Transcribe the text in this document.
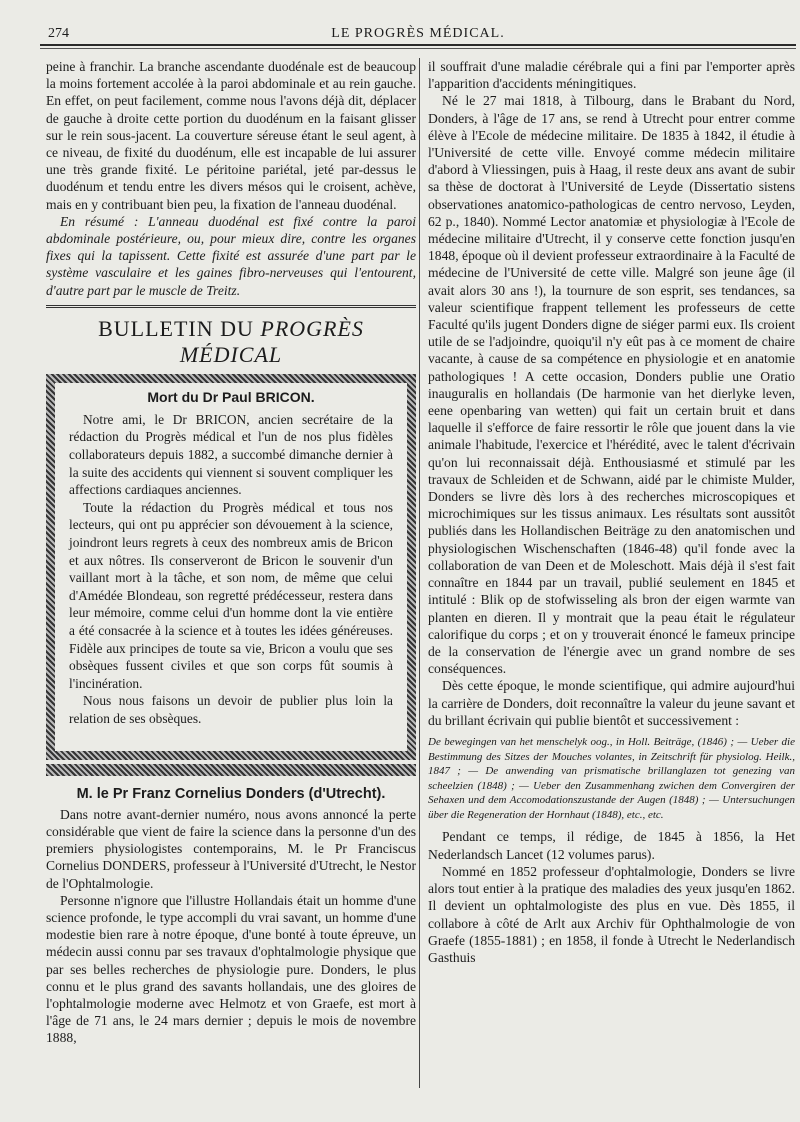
274	LE PROGRÈS MÉDICAL.

peine à franchir. La branche ascendante duodénale est de beaucoup la moins fortement accolée à la paroi abdominale et au rein gauche. En effet, on peut facilement, comme nous l'avons déjà dit, déplacer de gauche à droite cette portion du duodénum en la faisant glisser sur le rein sous-jacent. La couverture séreuse étant le seul agent, à ce niveau, de fixité du duodénum, elle est incapable de lui assurer une très grande fixité. Le péritoine pariétal, jeté par-dessus le duodénum et tendu entre les divers mésos qui le croisent, achève, mais en y contribuant bien peu, la fixation de l'anneau duodénal.

En résumé : L'anneau duodénal est fixé contre la paroi abdominale postérieure, ou, pour mieux dire, contre les organes fixes qui la tapissent. Cette fixité est assurée d'une part par le système vasculaire et les gaines fibro-nerveuses qui l'entourent, d'autre part par le muscle de Treitz.

BULLETIN DU PROGRÈS MÉDICAL
Mort du Dr Paul BRICON.

Notre ami, le Dr BRICON, ancien secrétaire de la rédaction du Progrès médical et l'un de nos plus fidèles collaborateurs depuis 1882, a succombé dimanche dernier à la suite des accidents qui viennent si souvent compliquer les affections cardiaques anciennes.

Toute la rédaction du Progrès médical et tous nos lecteurs, qui ont pu apprécier son dévouement à la science, joindront leurs regrets à ceux des nombreux amis de Bricon et aux nôtres. Ils conserveront de Bricon le souvenir d'un vaillant mort à la tâche, et son nom, de même que celui d'Amédée Blondeau, son regretté prédécesseur, restera dans leur mémoire, comme celui d'un homme dont la vie entière a été consacrée à la science et à toutes les idées généreuses. Fidèle aux principes de toute sa vie, Bricon a voulu que ses obsèques fussent civiles et que son corps fût soumis à l'incinération.

Nous nous faisons un devoir de publier plus loin la relation de ses obsèques.

M. le Pr Franz Cornelius Donders (d'Utrecht).

Dans notre avant-dernier numéro, nous avons annoncé la perte considérable que vient de faire la science dans la personne d'un des premiers physiologistes contemporains, M. le Pr Franciscus Cornelius DONDERS, professeur à l'Université d'Utrecht, le Nestor de l'Ophtalmologie.

Personne n'ignore que l'illustre Hollandais était un homme d'une science profonde, le type accompli du vrai savant, un homme d'une modestie bien rare à notre époque, d'une bonté à toute épreuve, un médecin aussi connu par ses travaux d'ophtalmologie physique que par ses belles recherches de physiologie pure. Donders, le plus connu et le plus grand des savants hollandais, une des gloires de l'ophtalmologie moderne avec Helmotz et von Graefe, est mort à l'âge de 71 ans, le 24 mars dernier ; depuis le mois de novembre 1888,

il souffrait d'une maladie cérébrale qui a fini par l'emporter après l'apparition d'accidents méningitiques.

Né le 27 mai 1818, à Tilbourg, dans le Brabant du Nord, Donders, à l'âge de 17 ans, se rend à Utrecht pour entrer comme élève à l'Ecole de médecine militaire. De 1835 à 1842, il étudie à l'Université de cette ville. Envoyé comme médecin militaire d'abord à Vliessingen, puis à Haag, il reste deux ans avant de subir sa thèse de doctorat à l'Université de Leyde (Dissertatio sistens observationes anatomico-pathologicas de centro nervoso, Leyden, 62 p., 1840). Nommé Lector anatomiæ et physiologiæ à l'Ecole de médecine militaire d'Utrecht, il y conserve cette fonction jusqu'en 1848, époque où il devient professeur extraordinaire à la Faculté de médecine de l'Université de cette ville. Malgré son jeune âge (il avait alors 30 ans !), la tournure de son esprit, ses tendances, sa valeur scientifique frappent tellement les professeurs de cette Faculté qu'ils jugent Donders digne de siéger parmi eux. Ils croient utile de se l'adjoindre, quoiqu'il n'y eût pas à ce moment de chaire vacante, à cause de sa compétence en physiologie et en anatomie pathologiques ! A cette occasion, Donders publie une Oratio inauguralis en hollandais (De harmonie van het dierlyke leven, eene openbaring van wetten) qui fait un certain bruit et dans laquelle il s'efforce de faire ressortir le rôle que jouent dans la vie animale l'habitude, l'exercice et l'hérédité, avec le talent d'écrivain qu'on lui reconnaissait déjà. Enthousiasmé et stimulé par les travaux de Schleiden et de Schwann, aidé par le chimiste Mulder, Donders se livre dès lors à des recherches microscopiques et microchimiques sur les tissus animaux. Les résultats sont aussitôt publiés dans les Hollandischen Beiträge zu den anatomischen und physiologischen Wischenschaften (1846-48) qu'il fonde avec la collaboration de van Deen et de Moleschott. Mais déjà il s'est fait connaître en 1844 par un travail, publié seulement en 1845 et intitulé : Blik op de stofwisseling als bron der eigen warmte van planten en dieren. Il y montrait que la peau était le régulateur calorifique du corps ; et on y trouverait énoncé le fameux principe de la conservation de l'énergie avec un grand nombre de ses conséquences.

Dès cette époque, le monde scientifique, qui admire aujourd'hui la carrière de Donders, doit reconnaître la valeur du jeune savant et du brillant écrivain qui publie bientôt et successivement :

De bewegingen van het menschelyk oog., in Holl. Beiträge, (1846) ; — Ueber die Bestimmung des Sitzes der Mouches volantes, in Zeitschrift für physiolog. Heilk., 1847 ; — De anwending van prismatische brillanglazen tot genezing van scheelzien (1848) ; — Ueber den Zusammenhang zwichen dem Convergiren der Sehaxen und dem Accomodationszustande der Augen (1848) ; — Untersuchungen über die Regeneration der Hornhaut (1848), etc., etc.

Pendant ce temps, il rédige, de 1845 à 1856, la Het Nederlandsch Lancet (12 volumes parus).

Nommé en 1852 professeur d'ophtalmologie, Donders se livre alors tout entier à la pratique des maladies des yeux jusqu'en 1862. Il devient un ophtalmologiste des plus en vue. Dès 1855, il collabore à côté de Arlt aux Archiv für Ophthalmologie de von Graefe (1855-1881) ; en 1858, il fonde à Utrecht le Nederlandisch Gasthuis
